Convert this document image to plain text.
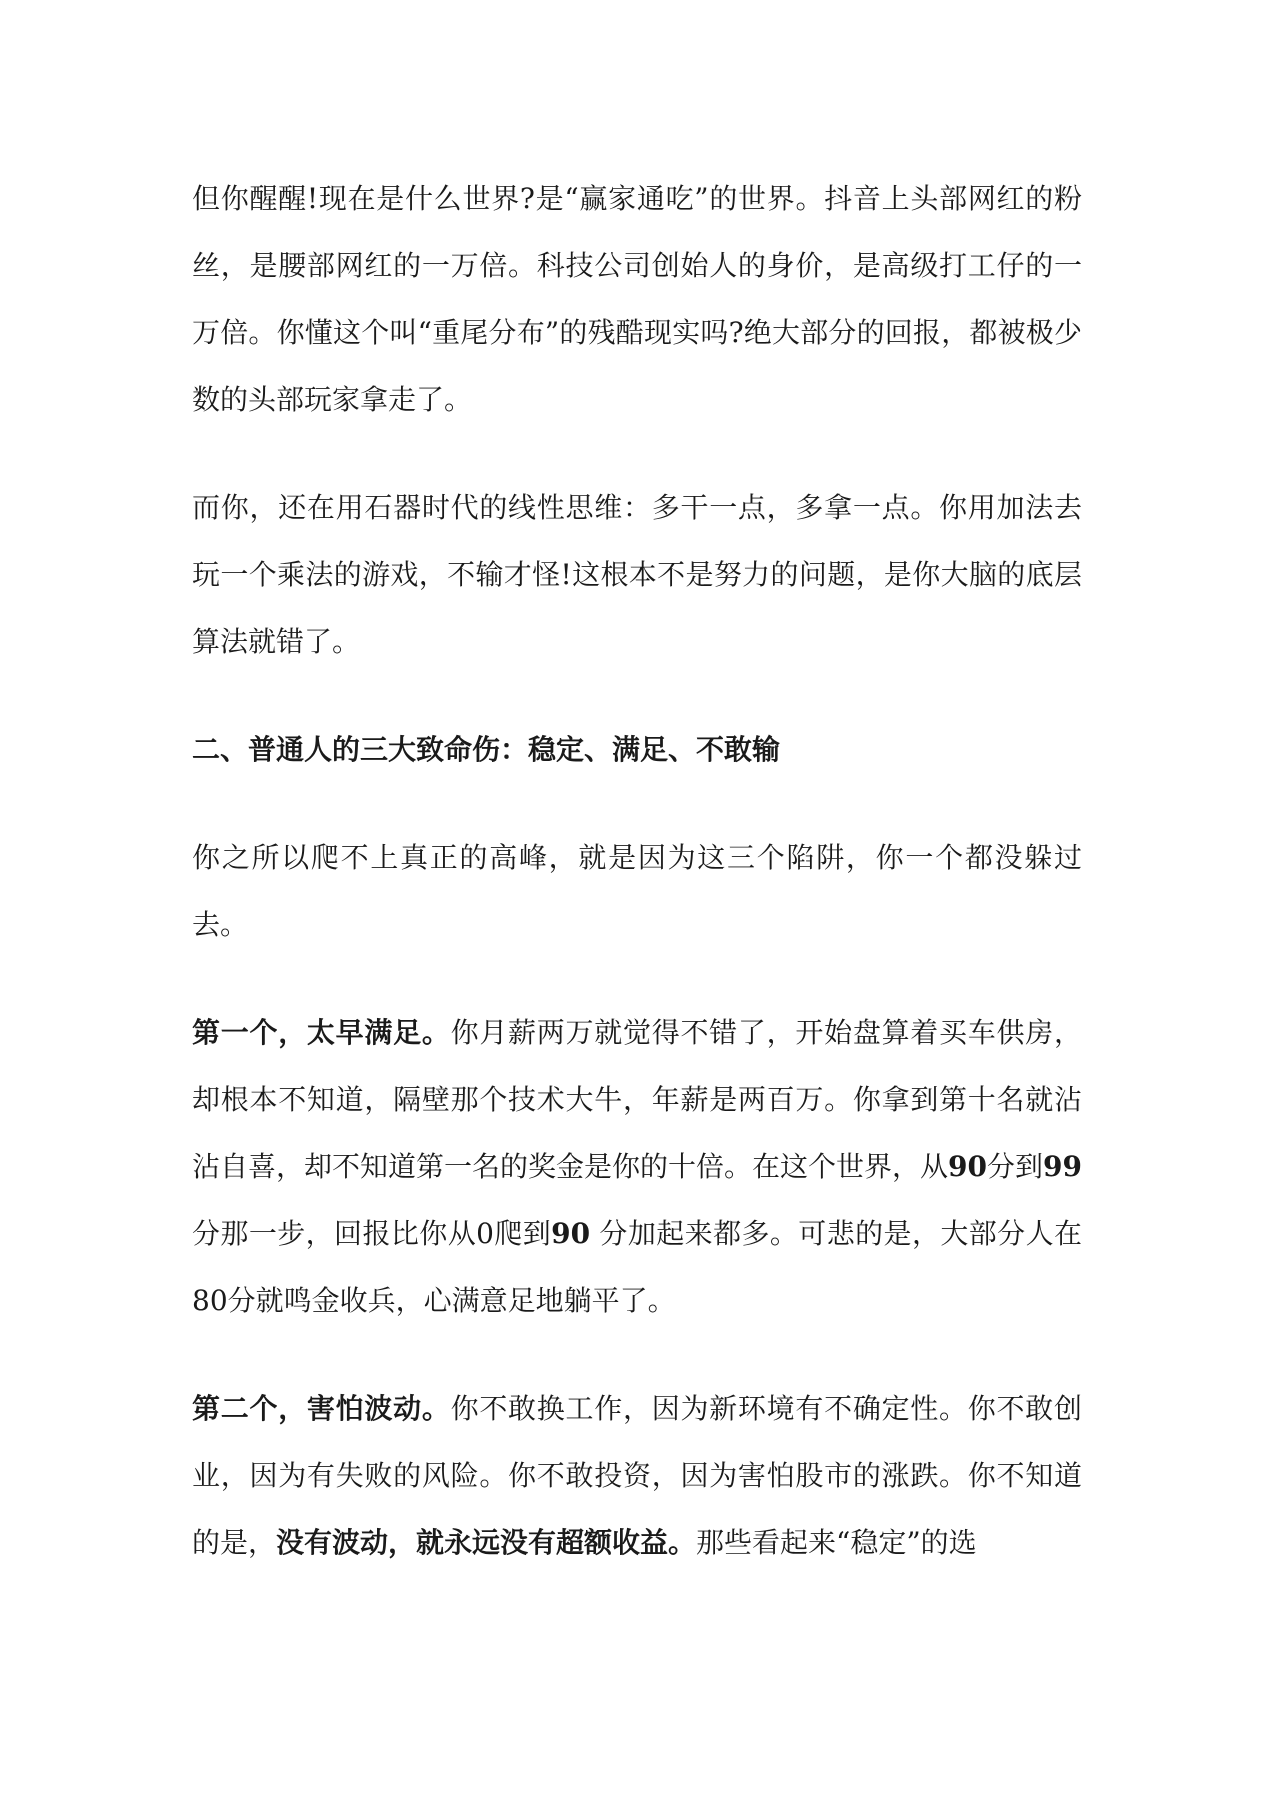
但你醒醒!现在是什么世界?是“赢家通吃”的世界。抖音上头部网红的粉丝，是腰部网红的一万倍。科技公司创始人的身价，是高级打工仔的一万倍。你懂这个叫“重尾分布”的残酷现实吗?绝大部分的回报，都被极少数的头部玩家拿走了。

而你，还在用石器时代的线性思维：多干一点，多拿一点。你用加法去玩一个乘法的游戏，不输才怪!这根本不是努力的问题，是你大脑的底层算法就错了。

二、普通人的三大致命伤：稳定、满足、不敢输

你之所以爬不上真正的高峰，就是因为这三个陷阱，你一个都没躲过去。

第一个，太早满足。你月薪两万就觉得不错了，开始盘算着买车供房，却根本不知道，隔壁那个技术大牛，年薪是两百万。你拿到第十名就沾沾自喜，却不知道第一名的奖金是你的十倍。在这个世界，从90分到99 分那一步，回报比你从0爬到90 分加起来都多。可悲的是，大部分人在80分就鸣金收兵，心满意足地躺平了。

第二个，害怕波动。你不敢换工作，因为新环境有不确定性。你不敢创业，因为有失败的风险。你不敢投资，因为害怕股市的涨跌。你不知道的是，没有波动，就永远没有超额收益。那些看起来“稳定”的选
